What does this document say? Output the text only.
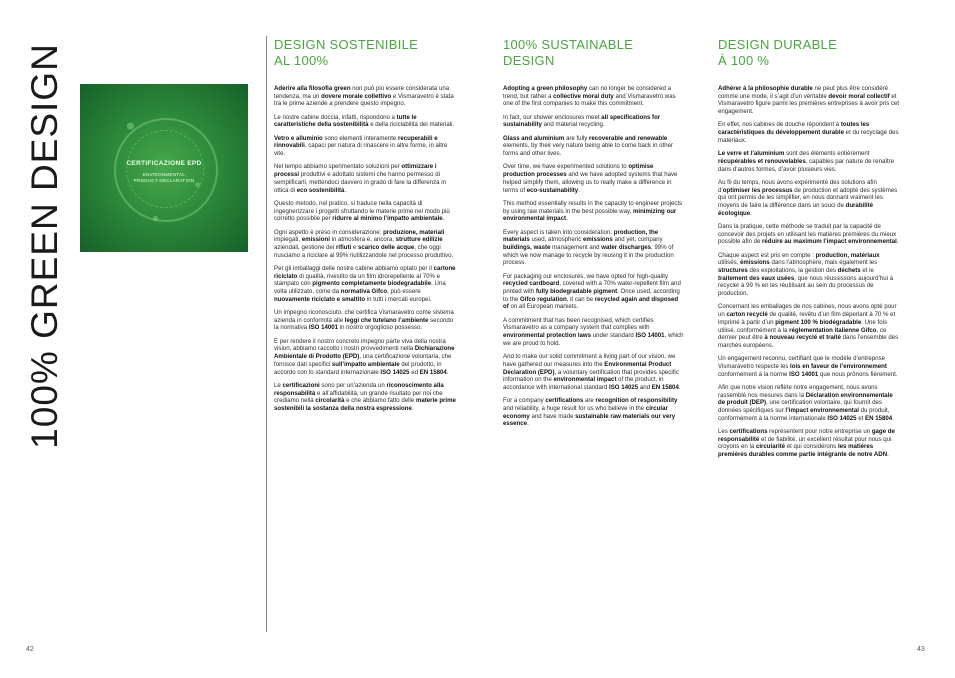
100% GREEN DESIGN	CERTIFICAZIONE EPD
ENVIRONMENTAL
PRODUCT DECLARATION
DESIGN SOSTENIBILE
AL 100%

Aderire alla filosofia green non può più essere considerata una tendenza, ma un dovere morale collettivo e Vismaravetro è stata tra le prime aziende a prendere questo impegno.

Le nostre cabine doccia, infatti, rispondono a tutte le caratteristiche della sostenibilità e della riciclabilità dei materiali.

Vetro e alluminio sono elementi interamente recuperabili e rinnovabili, capaci per natura di rinascere in altre forme, in altre vite.

Nel tempo abbiamo sperimentato soluzioni per ottimizzare i processi produttivi e adottato sistemi che hanno permesso di semplificarli, mettendoci davvero in grado di fare la differenza in ottica di eco sostenibilità.

Questo metodo, nel pratico, si traduce nella capacità di ingegnerizzare i progetti sfruttando le materie prime nel modo più corretto possibile per ridurre al minimo l’impatto ambientale.

Ogni aspetto è preso in considerazione: produzione, materiali impiegati, emissioni in atmosfera e, ancora, strutture edilizie aziendali, gestione dei rifiuti e scarico delle acque, che oggi riusciamo a riciclare al 99% riutilizzandole nel processo produttivo.

Per gli imballaggi delle nostre cabine abbiamo optato per il cartone riciclato di qualità, rivestito da un film idrorepellente al 70% e stampato con pigmento completamente biodegradabile. Una volta utilizzato, come da normativa Gifco, può essere nuovamente riciclato e smaltito in tutti i mercati europei.

Un impegno riconosciuto, che certifica Vismaravetro come sistema azienda in conformità alle leggi che tutelano l’ambiente secondo la normativa ISO 14001 in nostro orgoglioso possesso.

E per rendere il nostro concreto impegno parte viva della nostra vision, abbiamo raccolto i nostri provvedimenti nella Dichiarazione Ambientale di Prodotto (EPD), una certificazione volontaria, che fornisce dati specifici sull’impatto ambientale del prodotto, in accordo con lo standard internazionale ISO 14025 ed EN 15804.

Le certificazioni sono per un’azienda un riconoscimento alla responsabilità e all’affidabilità, un grande risultato per noi che crediamo nella circolarità e che abbiamo fatto delle materie prime sostenibili la sostanza della nostra espressione.

100% SUSTAINABLE
DESIGN

Adopting a green philosophy can no longer be considered a trend, but rather a collective moral duty and Vismaravetro was one of the first companies to make this commitment.

In fact, our shower enclosures meet all specifications for sustainability and material recycling.

Glass and aluminium are fully recoverable and renewable elements, by their very nature being able to come back in other forms and other lives.

Over time, we have experimented solutions to optimise production processes and we have adopted systems that have helped simplify them, allowing us to really make a difference in terms of eco-sustainability.

This method essentially results in the capacity to engineer projects by using raw materials in the best possible way, minimizing our environmental impact.

Every aspect is taken into consideration: production, the materials used, atmospheric emissions and yet, company buildings, waste management and water discharges, 99% of which we now manage to recycle by reusing it in the production process.

For packaging our enclosures, we have opted for high-quality recycled cardboard, covered with a 70% water-repellent film and printed with fully biodegradable pigment. Once used, according to the Gifco regulation, it can be recycled again and disposed of on all European markets.

A commitment that has been recognised, which certifies Vismaravetro as a company system that complies with environmental protection laws under standard ISO 14001, which we are proud to hold.

And to make our solid commitment a living part of our vision, we have gathered our measures into the Environmental Product Declaration (EPD), a voluntary certification that provides specific information on the environmental impact of the product, in accordance with international standard ISO 14025 and EN 15804.

For a company certifications are recognition of responsibility and reliability, a huge result for us who believe in the circular economy and have made sustainable raw materials our very essence.

DESIGN DURABLE
À 100 %

Adhérer à la philosophie durable ne peut plus être considéré comme une mode, il s’agit d’un véritable devoir moral collectif et Vismaravetro figure parmi les premières entreprises à avoir pris cet engagement.

En effet, nos cabines de douche répondent à toutes les caractéristiques du développement durable et du recyclage des matériaux.

Le verre et l’aluminium sont des éléments entièrement récupérables et renouvelables, capables par nature de renaître dans d’autres formes, d’avoir plusieurs vies.

Au fil du temps, nous avons expérimenté des solutions afin d’optimiser les processus de production et adopté des systèmes qui ont permis de les simplifier, en nous donnant vraiment les moyens de faire la différence dans un souci de durabilité écologique.

Dans la pratique, cette méthode se traduit par la capacité de concevoir des projets en utilisant les matières premières du mieux possible afin de réduire au maximum l’impact environnemental.

Chaque aspect est pris en compte : production, matériaux utilisés, émissions dans l’atmosphère, mais également les structures des exploitations, la gestion des déchets et le traitement des eaux usées, que nous réussissons aujourd’hui à recycler à 99 % en les réutilisant au sein du processus de production.

Concernant les emballages de nos cabines, nous avons opté pour un carton recyclé de qualité, revêtu d’un film déperlant à 70 % et imprimé à partir d’un pigment 100 % biodégradable. Une fois utilisé, conformément à la réglementation italienne Gifco, ce dernier peut être à nouveau recyclé et traité dans l’ensemble des marchés européens.

Un engagement reconnu, certifiant que le modèle d’entreprise Vismaravetro respecte les lois en faveur de l’environnement conformément à la norme ISO 14001 que nous prônons fièrement.

Afin que notre vision reflète notre engagement, nous avons rassemblé nos mesures dans la Déclaration environnementale de produit (DEP), une certification volontaire, qui fournit des données spécifiques sur l’impact environnemental du produit, conformément à la norme internationale ISO 14025 et EN 15804.

Les certifications représentent pour notre entreprise un gage de responsabilité et de fiabilité, un excellent résultat pour nous qui croyons en la circularité et qui considérons les matières premières durables comme partie intégrante de notre ADN.

42	43
